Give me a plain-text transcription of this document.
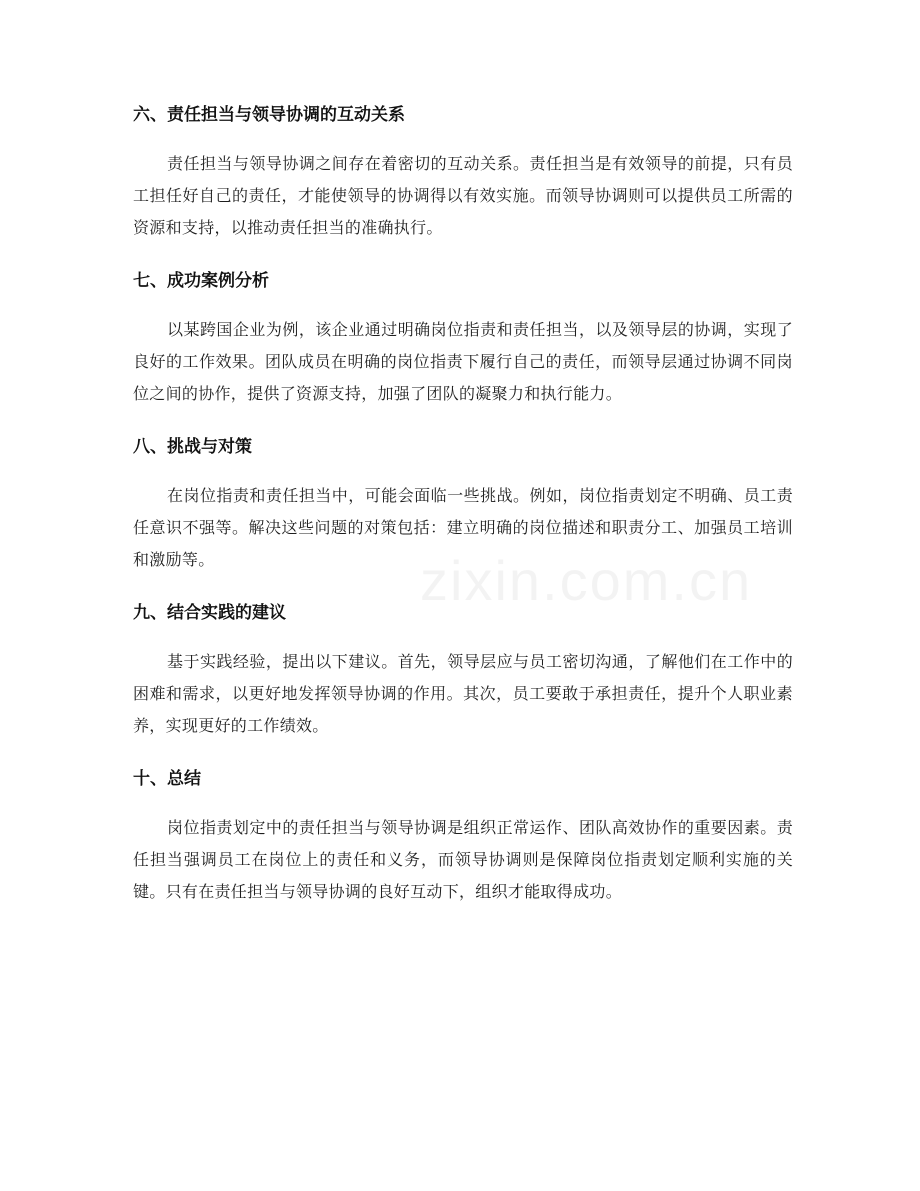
六、责任担当与领导协调的互动关系

责任担当与领导协调之间存在着密切的互动关系。责任担当是有效领导的前提，只有员工担任好自己的责任，才能使领导的协调得以有效实施。而领导协调则可以提供员工所需的资源和支持，以推动责任担当的准确执行。

七、成功案例分析

以某跨国企业为例，该企业通过明确岗位指责和责任担当，以及领导层的协调，实现了良好的工作效果。团队成员在明确的岗位指责下履行自己的责任，而领导层通过协调不同岗位之间的协作，提供了资源支持，加强了团队的凝聚力和执行能力。

八、挑战与对策

在岗位指责和责任担当中，可能会面临一些挑战。例如，岗位指责划定不明确、员工责任意识不强等。解决这些问题的对策包括：建立明确的岗位描述和职责分工、加强员工培训和激励等。

九、结合实践的建议

基于实践经验，提出以下建议。首先，领导层应与员工密切沟通，了解他们在工作中的困难和需求，以更好地发挥领导协调的作用。其次，员工要敢于承担责任，提升个人职业素养，实现更好的工作绩效。

十、总结

岗位指责划定中的责任担当与领导协调是组织正常运作、团队高效协作的重要因素。责任担当强调员工在岗位上的责任和义务，而领导协调则是保障岗位指责划定顺利实施的关键。只有在责任担当与领导协调的良好互动下，组织才能取得成功。
